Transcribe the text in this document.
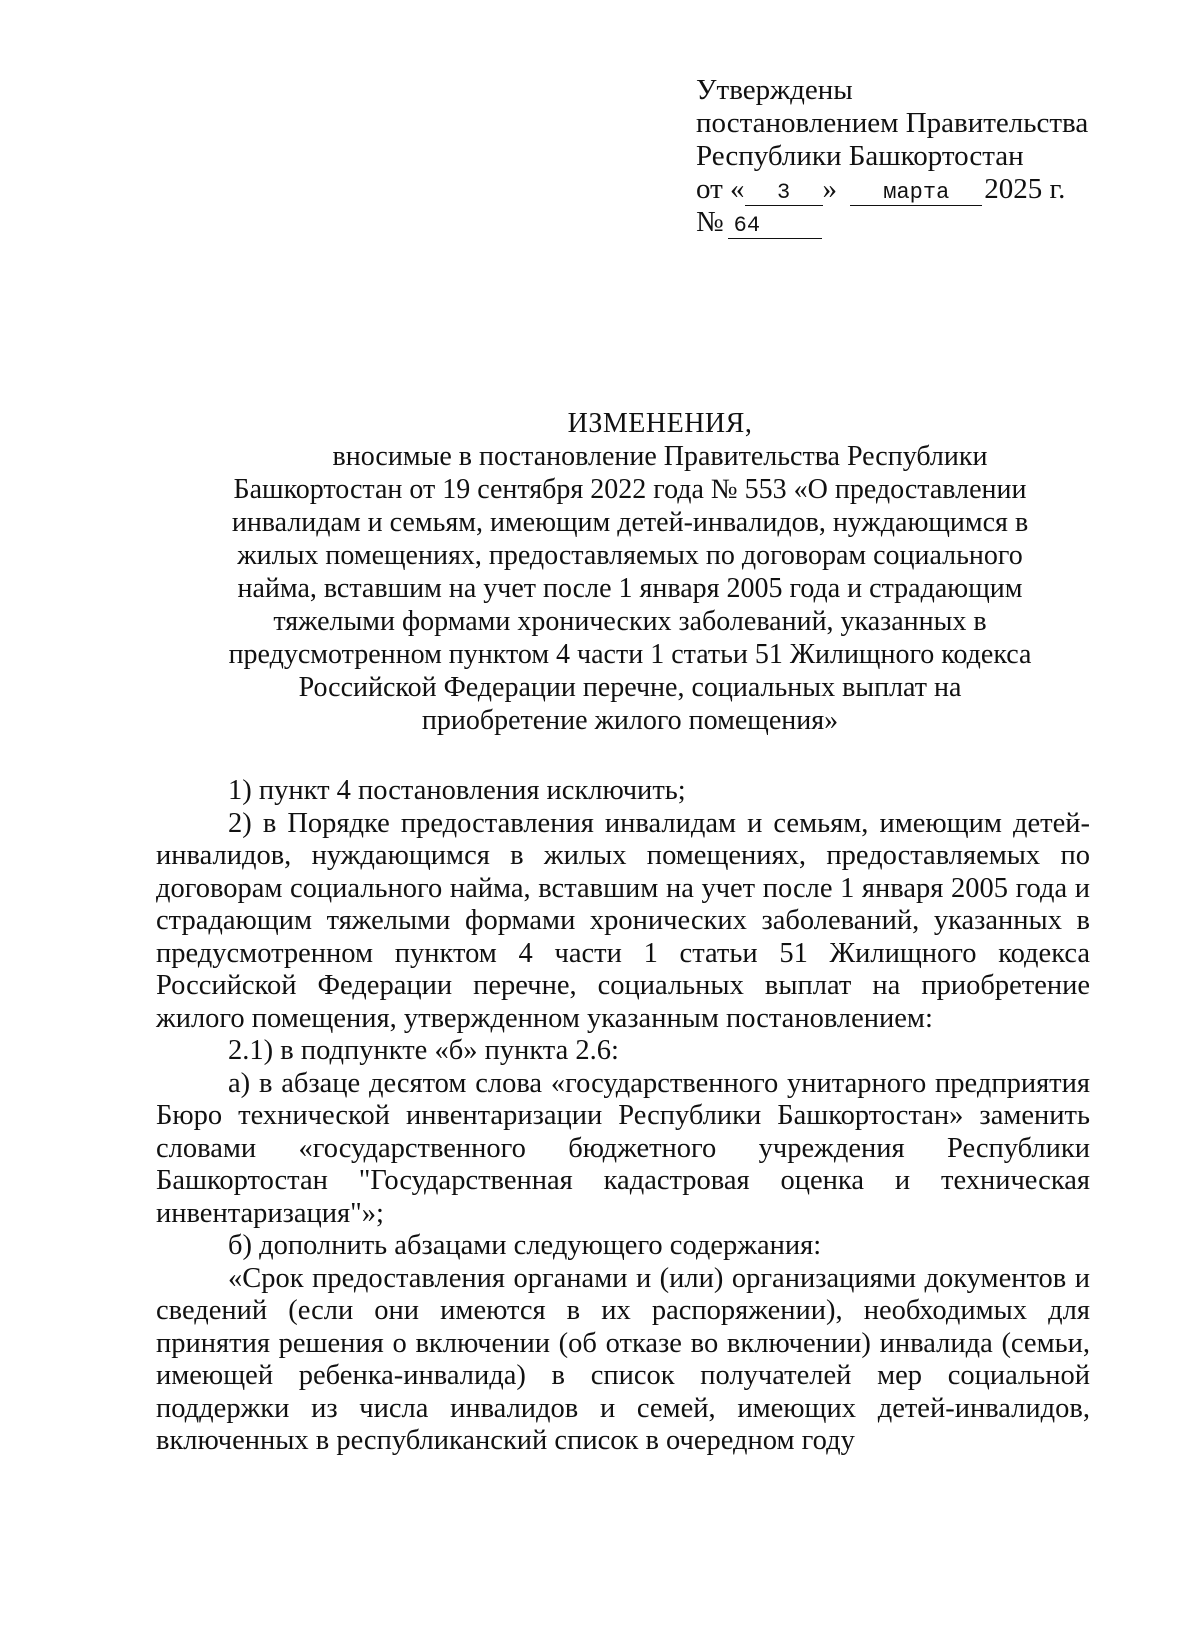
Утверждены
постановлением Правительства
Республики Башкортостан
от « 3 » марта 2025 г.
№ 64
ИЗМЕНЕНИЯ,
вносимые в постановление Правительства Республики
Башкортостан от 19 сентября 2022 года № 553 «О предоставлении
инвалидам и семьям, имеющим детей-инвалидов, нуждающимся в
жилых помещениях, предоставляемых по договорам социального
найма, вставшим на учет после 1 января 2005 года и страдающим
тяжелыми формами хронических заболеваний, указанных в
предусмотренном пунктом 4 части 1 статьи 51 Жилищного кодекса
Российской Федерации перечне, социальных выплат на
приобретение жилого помещения»

1) пункт 4 постановления исключить;

2) в Порядке предоставления инвалидам и семьям, имеющим детей-инвалидов, нуждающимся в жилых помещениях, предоставляемых по договорам социального найма, вставшим на учет после 1 января 2005 года и страдающим тяжелыми формами хронических заболеваний, указанных в предусмотренном пунктом 4 части 1 статьи 51 Жилищного кодекса Российской Федерации перечне, социальных выплат на приобретение жилого помещения, утвержденном указанным постановлением:

2.1) в подпункте «б» пункта 2.6:

а) в абзаце десятом слова «государственного унитарного предприятия Бюро технической инвентаризации Республики Башкортостан» заменить словами «государственного бюджетного учреждения Республики Башкортостан "Государственная кадастровая оценка и техническая инвентаризация"»;

б) дополнить абзацами следующего содержания:

«Срок предоставления органами и (или) организациями документов и сведений (если они имеются в их распоряжении), необходимых для принятия решения о включении (об отказе во включении) инвалида (семьи, имеющей ребенка-инвалида) в список получателей мер социальной поддержки из числа инвалидов и семей, имеющих детей-инвалидов, включенных в республиканский список в очередном году
